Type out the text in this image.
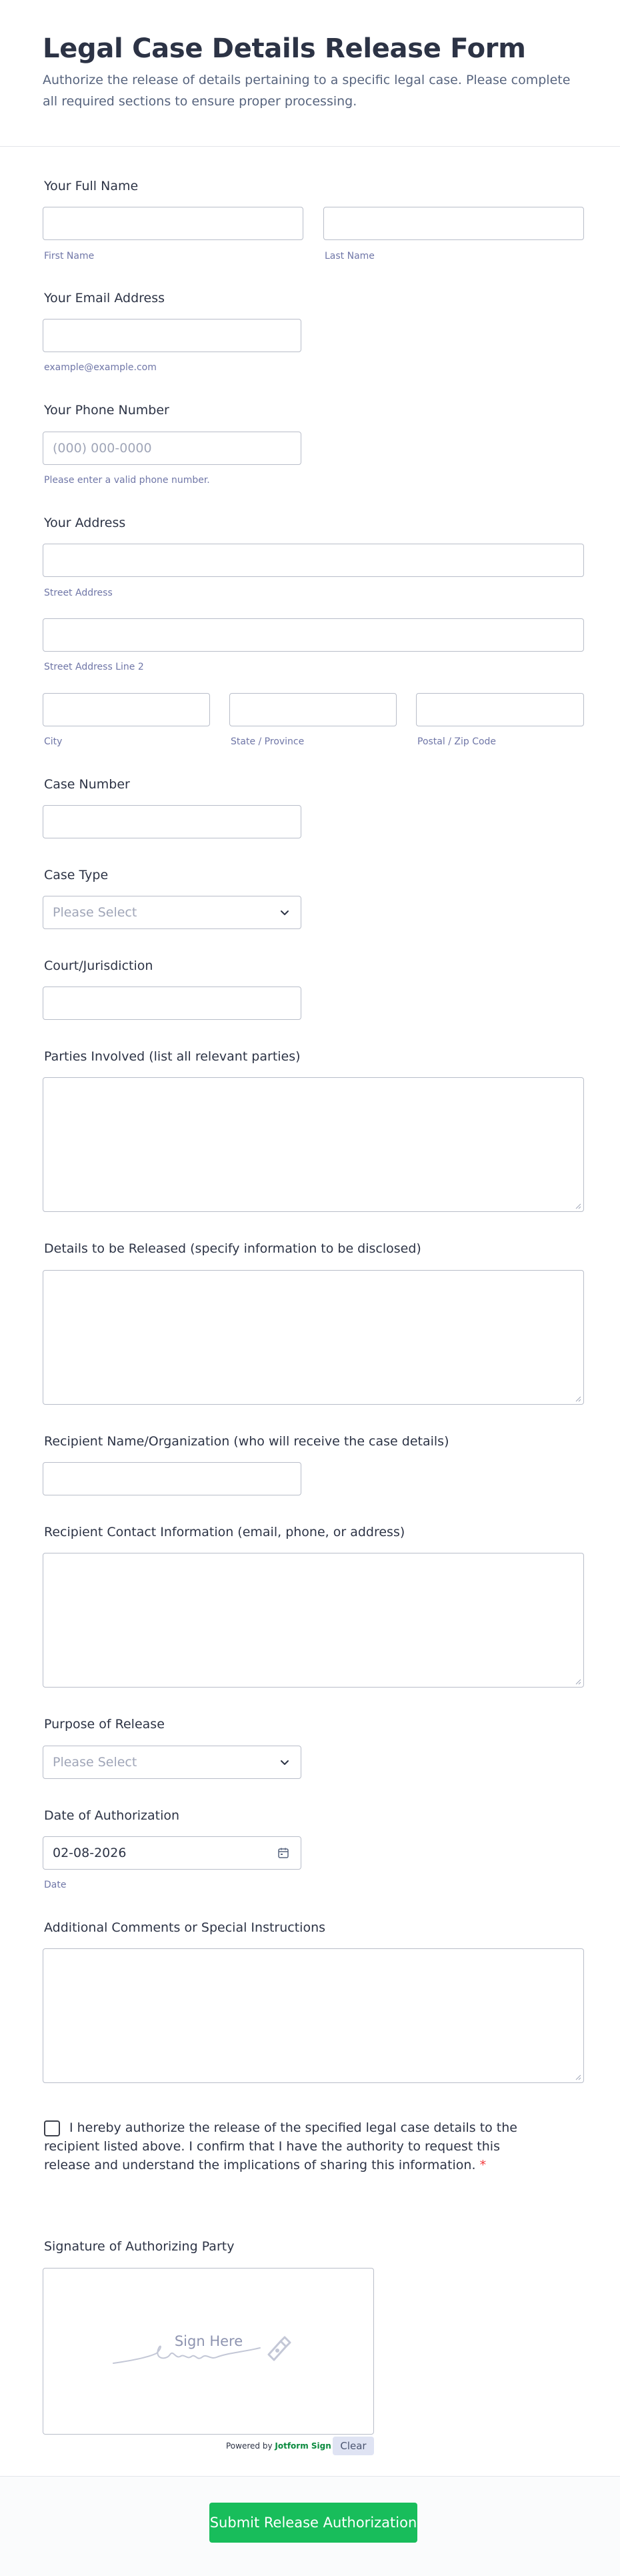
Legal Case Details Release Form

Authorize the release of details pertaining to a specific legal case. Please complete all required sections to ensure proper processing.

Your Full Name
First Name	Last Name
Your Email Address
example@example.com
Your Phone Number
(000) 000-0000
Please enter a valid phone number.
Your Address
Street Address
Street Address Line 2
City	State / Province	Postal / Zip Code
Case Number
Case Type
Please Select
Court/Jurisdiction
Parties Involved (list all relevant parties)
Details to be Released (specify information to be disclosed)
Recipient Name/Organization (who will receive the case details)
Recipient Contact Information (email, phone, or address)
Purpose of Release
Please Select
Date of Authorization
02-08-2026
Date
Additional Comments or Special Instructions

I hereby authorize the release of the specified legal case details to the recipient listed above. I confirm that I have the authority to request this release and understand the implications of sharing this information. *

Signature of Authorizing Party
Sign Here
Powered by Jotform Sign Clear
Submit Release Authorization
